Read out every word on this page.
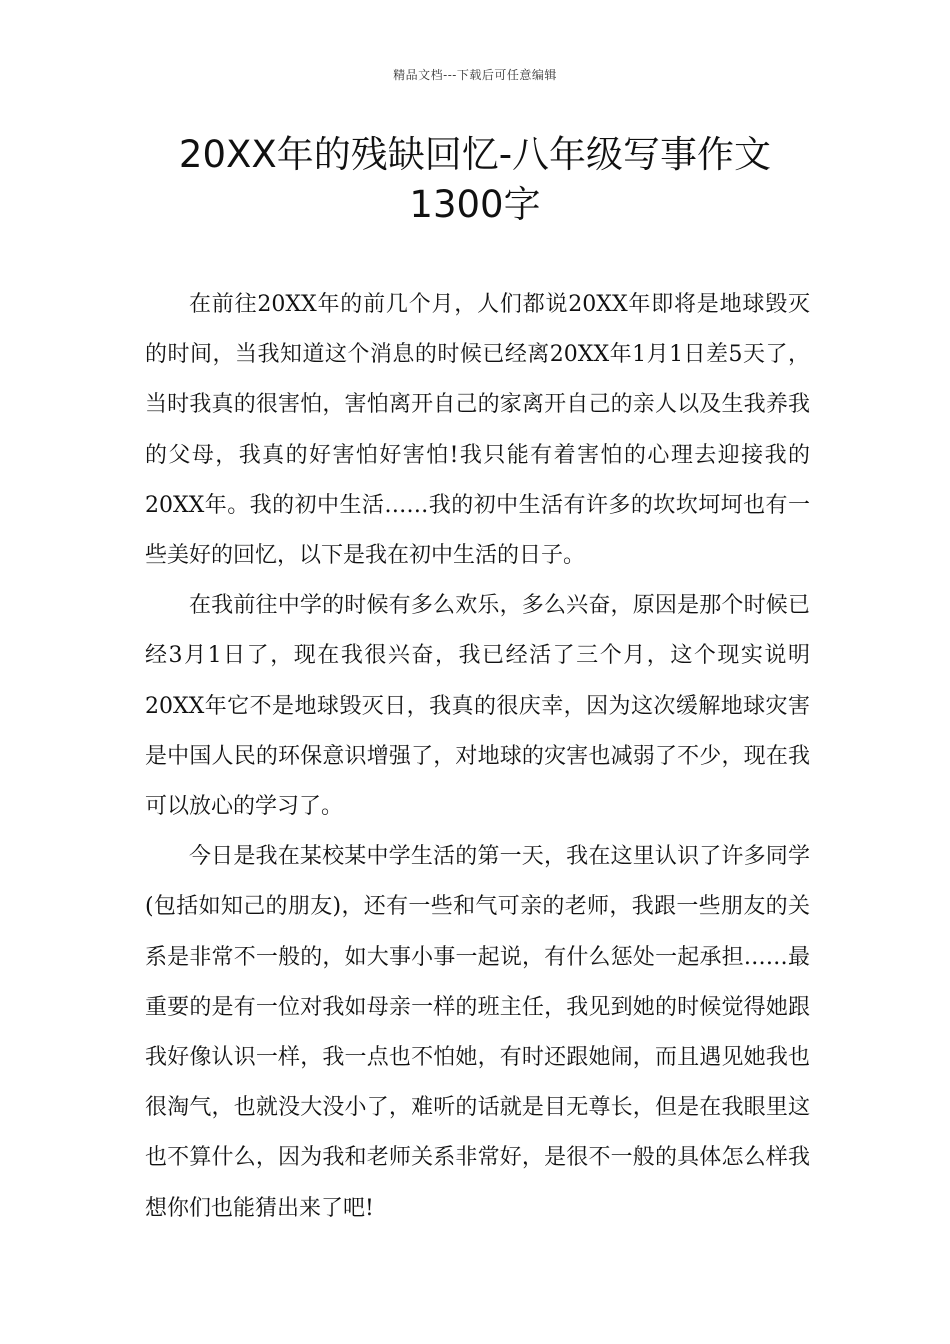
精品文档---下载后可任意编辑
20XX年的残缺回忆-八年级写事作文
1300字

在前往20XX年的前几个月，人们都说20XX年即将是地球毁灭的时间，当我知道这个消息的时候已经离20XX年1月1日差5天了，当时我真的很害怕，害怕离开自己的家离开自己的亲人以及生我养我的父母，我真的好害怕好害怕!我只能有着害怕的心理去迎接我的20XX年。我的初中生活……我的初中生活有许多的坎坎坷坷也有一些美好的回忆，以下是我在初中生活的日子。

在我前往中学的时候有多么欢乐，多么兴奋，原因是那个时候已经3月1日了，现在我很兴奋，我已经活了三个月，这个现实说明20XX年它不是地球毁灭日，我真的很庆幸，因为这次缓解地球灾害是中国人民的环保意识增强了，对地球的灾害也减弱了不少，现在我可以放心的学习了。

今日是我在某校某中学生活的第一天，我在这里认识了许多同学(包括如知己的朋友)，还有一些和气可亲的老师，我跟一些朋友的关系是非常不一般的，如大事小事一起说，有什么惩处一起承担……最重要的是有一位对我如母亲一样的班主任，我见到她的时候觉得她跟我好像认识一样，我一点也不怕她，有时还跟她闹，而且遇见她我也很淘气，也就没大没小了，难听的话就是目无尊长，但是在我眼里这也不算什么，因为我和老师关系非常好，是很不一般的具体怎么样我想你们也能猜出来了吧!
